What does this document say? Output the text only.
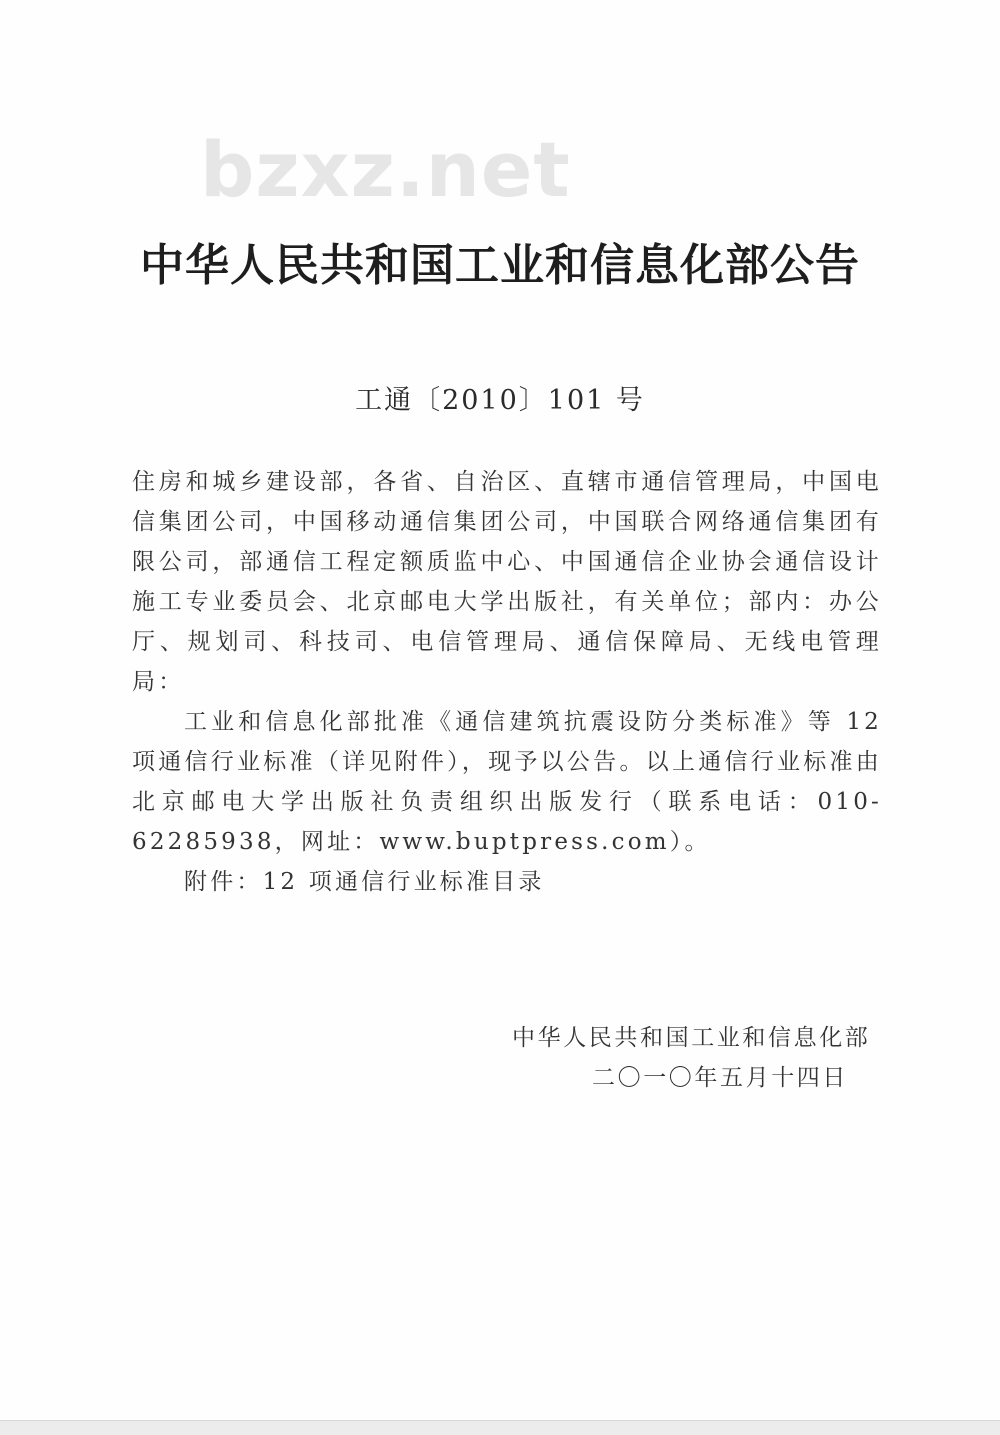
bzxz.net
中华人民共和国工业和信息化部公告
工通〔2010〕101 号

住房和城乡建设部，各省、自治区、直辖市通信管理局，中国电信集团公司，中国移动通信集团公司，中国联合网络通信集团有限公司，部通信工程定额质监中心、中国通信企业协会通信设计施工专业委员会、北京邮电大学出版社，有关单位；部内：办公厅、规划司、科技司、电信管理局、通信保障局、无线电管理局：

工业和信息化部批准《通信建筑抗震设防分类标准》等 12 项通信行业标准（详见附件），现予以公告。以上通信行业标准由北京邮电大学出版社负责组织出版发行（联系电话：010-62285938，网址：www.buptpress.com）。

附件：12 项通信行业标准目录

中华人民共和国工业和信息化部
二〇一〇年五月十四日
